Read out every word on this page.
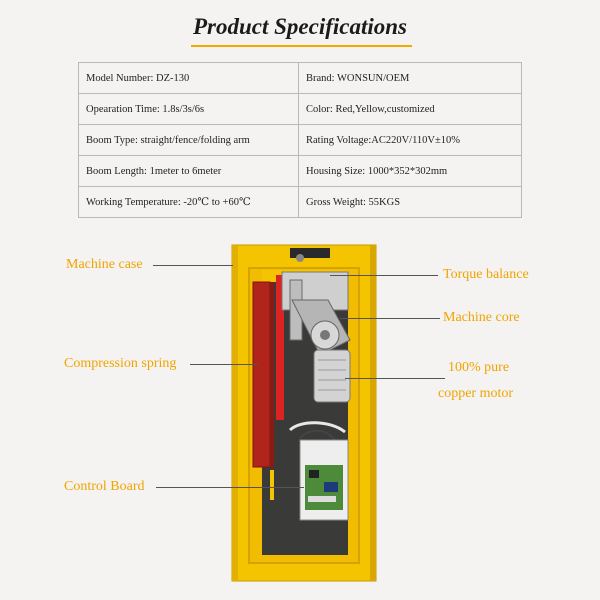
Product Specifications
Model Number: DZ-130	Brand: WONSUN/OEM
Opearation Time: 1.8s/3s/6s	Color: Red,Yellow,customized
Boom Type: straight/fence/folding arm	Rating Voltage:AC220V/110V±10%
Boom Length: 1meter to 6meter	Housing Size: 1000*352*302mm
Working Temperature: -20℃ to +60℃	Gross Weight: 55KGS
Machine case
Compression spring
Control Board
Torque balance
Machine core
100% pure
copper motor
